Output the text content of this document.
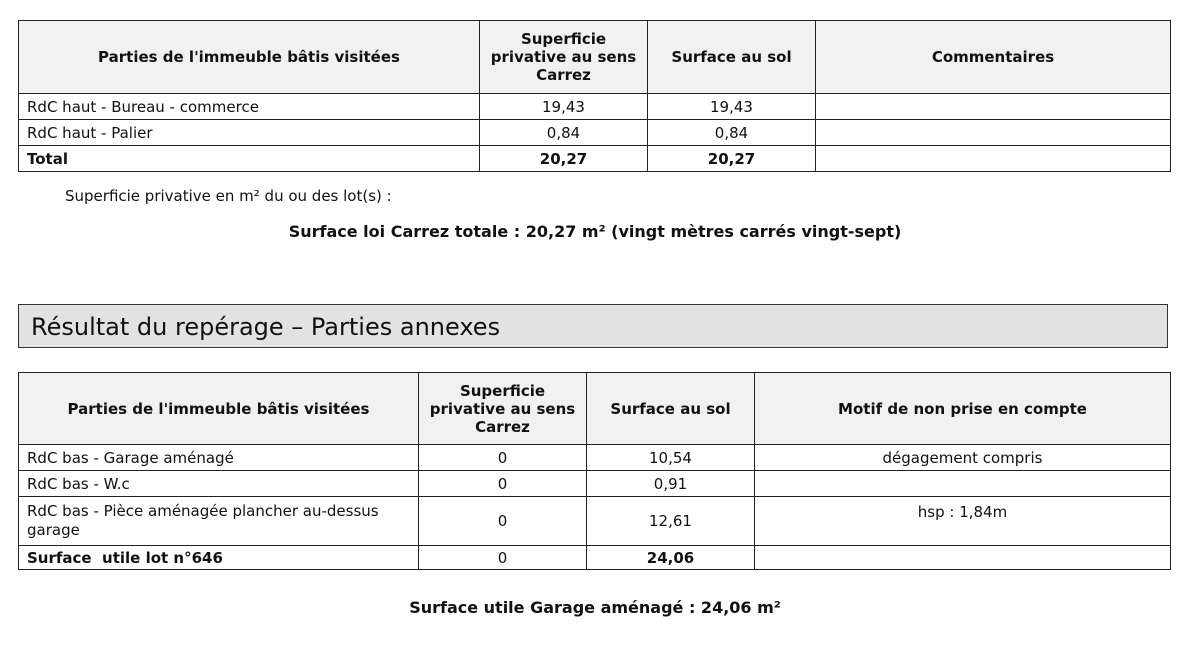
Parties de l'immeuble bâtis visitées	Superficie privative au sens Carrez	Surface au sol	Commentaires
RdC haut - Bureau - commerce	19,43	19,43	
RdC haut - Palier	0,84	0,84	
Total	20,27	20,27	
Superficie privative en m² du ou des lot(s) :
Surface loi Carrez totale : 20,27 m² (vingt mètres carrés vingt-sept)
Résultat du repérage – Parties annexes
Parties de l'immeuble bâtis visitées	Superficie privative au sens Carrez	Surface au sol	Motif de non prise en compte
RdC bas - Garage aménagé	0	10,54	dégagement compris
RdC bas - W.c	0	0,91	
RdC bas - Pièce aménagée plancher au-dessus garage	0	12,61	hsp : 1,84m
Surface  utile lot n°646	0	24,06	
Surface utile Garage aménagé : 24,06 m²
